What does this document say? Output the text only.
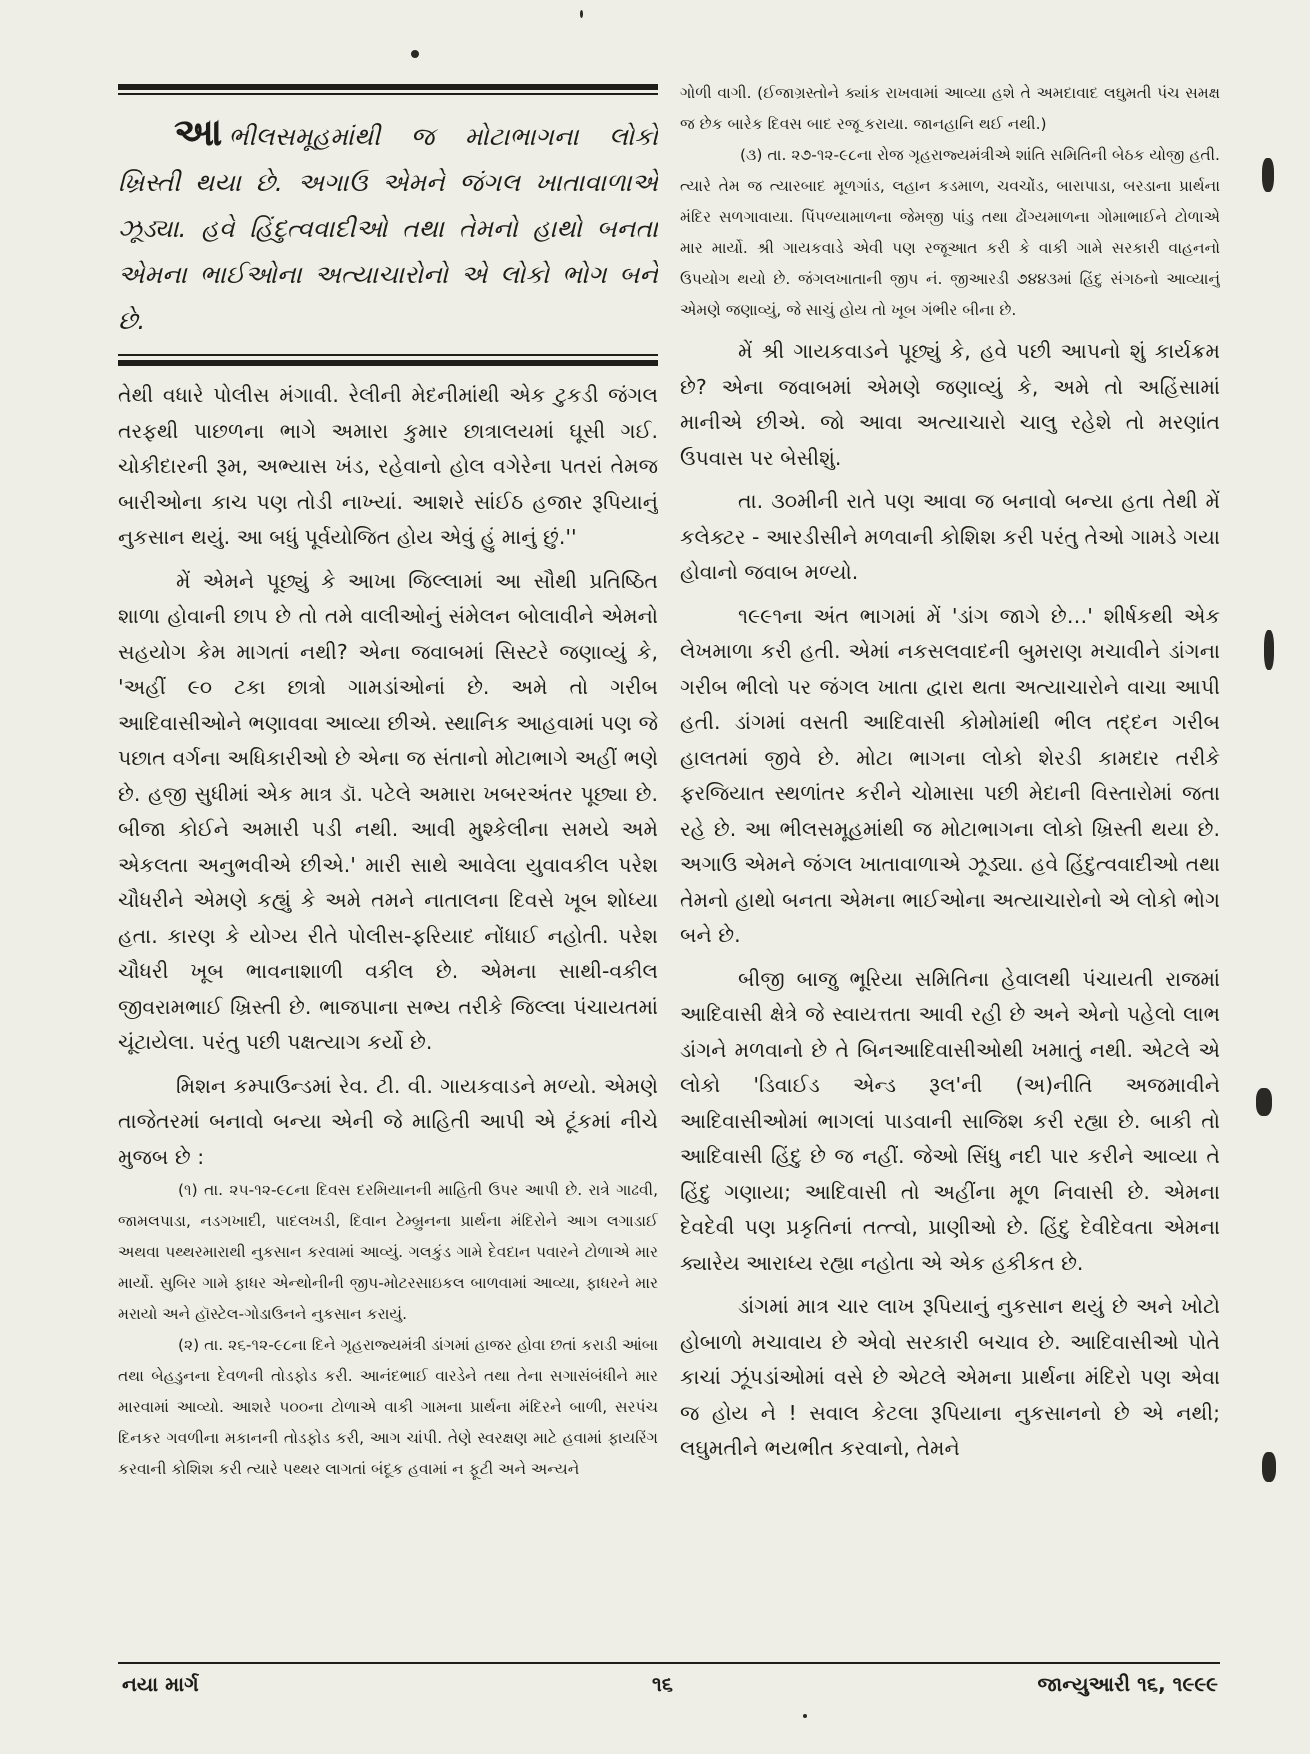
આભીલસમૂહમાંથી જ મોટાભાગના લોકો ખ્રિસ્તી થયા છે. અગાઉ એમને જંગલ ખાતાવાળાએ ઝૂડ્યા. હવે હિંદુત્વવાદીઓ તથા તેમનો હાથો બનતા એમના ભાઈઓના અત્યાચારોનો એ લોકો ભોગ બને છે.

તેથી વધારે પોલીસ મંગાવી. રેલીની મેદનીમાંથી એક ટુકડી જંગલ તરફથી પાછળના ભાગે અમારા કુમાર છાત્રાલયમાં ઘૂસી ગઈ. ચોકીદારની રૂમ, અભ્યાસ ખંડ, રહેવાનો હોલ વગેરેના પતરાં તેમજ બારીઓના કાચ પણ તોડી નાખ્યાં. આશરે સાંઈઠ હજાર રૂપિયાનું નુકસાન થયું. આ બધું પૂર્વયોજિત હોય એવું હું માનું છું.''

મેં એમને પૂછ્યું કે આખા જિલ્લામાં આ સૌથી પ્રતિષ્ઠિત શાળા હોવાની છાપ છે તો તમે વાલીઓનું સંમેલન બોલાવીને એમનો સહયોગ કેમ માગતાં નથી? એના જવાબમાં સિસ્ટરે જણાવ્યું કે, 'અહીં ૯૦ ટકા છાત્રો ગામડાંઓનાં છે. અમે તો ગરીબ આદિવાસીઓને ભણાવવા આવ્યા છીએ. સ્થાનિક આહવામાં પણ જે પછાત વર્ગના અધિકારીઓ છે એના જ સંતાનો મોટાભાગે અહીં ભણે છે. હજી સુધીમાં એક માત્ર ડૉ. પટેલે અમારા ખબરઅંતર પૂછ્યા છે. બીજા કોઈને અમારી પડી નથી. આવી મુશ્કેલીના સમયે અમે એકલતા અનુભવીએ છીએ.' મારી સાથે આવેલા યુવાવકીલ પરેશ ચૌધરીને એમણે કહ્યું કે અમે તમને નાતાલના દિવસે ખૂબ શોધ્યા હતા. કારણ કે યોગ્ય રીતે પોલીસ-ફરિયાદ નોંધાઈ નહોતી. પરેશ ચૌધરી ખૂબ ભાવનાશાળી વકીલ છે. એમના સાથી-વકીલ જીવરામભાઈ ખ્રિસ્તી છે. ભાજપાના સભ્ય તરીકે જિલ્લા પંચાયતમાં ચૂંટાયેલા. પરંતુ પછી પક્ષત્યાગ કર્યો છે.

મિશન કમ્પાઉન્ડમાં રેવ. ટી. વી. ગાયકવાડને મળ્યો. એમણે તાજેતરમાં બનાવો બન્યા એની જે માહિતી આપી એ ટૂંકમાં નીચે મુજબ છે :

(૧) તા. ૨૫-૧૨-૯૮ના દિવસ દરમિયાનની માહિતી ઉપર આપી છે. રાત્રે ગાઢવી, જામલપાડા, નડગખાદી, પાદલખડી, દિવાન ટેમ્બ્રુનના પ્રાર્થના મંદિરોને આગ લગાડાઈ અથવા પથ્થરમારાથી નુકસાન કરવામાં આવ્યું. ગલકુંડ ગામે દેવદાન પવારને ટોળાએ માર માર્યો. સુબિર ગામે ફાધર એન્થોનીની જીપ-મોટરસાઇકલ બાળવામાં આવ્યા, ફાધરને માર મરાયો અને હૉસ્ટેલ-ગોડાઉનને નુકસાન કરાયું.

(૨) તા. ૨૬-૧૨-૯૮ના દિને ગૃહરાજ્યમંત્રી ડાંગમાં હાજર હોવા છતાં કરાડી આંબા તથા બેહડુનના દેવળની તોડફોડ કરી. આનંદભાઈ વારડેને તથા તેના સગાસંબંધીને માર મારવામાં આવ્યો. આશરે ૫૦૦ના ટોળાએ વાકી ગામના પ્રાર્થના મંદિરને બાળી, સરપંચ દિનકર ગવળીના મકાનની તોડફોડ કરી, આગ ચાંપી. તેણે સ્વરક્ષણ માટે હવામાં ફાયરિંગ કરવાની કોશિશ કરી ત્યારે પથ્થર લાગતાં બંદૂક હવામાં ન ફૂટી અને અન્યને

ગોળી વાગી. (ઈજાગ્રસ્તોને ક્યાંક રાખવામાં આવ્યા હશે તે અમદાવાદ લઘુમતી પંચ સમક્ષ જ છેક બારેક દિવસ બાદ રજૂ કરાયા. જાનહાનિ થઈ નથી.)

(૩) તા. ૨૭-૧૨-૯૮ના રોજ ગૃહરાજ્યમંત્રીએ શાંતિ સમિતિની બેઠક યોજી હતી. ત્યારે તેમ જ ત્યારબાદ મૂળગાંડ, લહાન કડમાળ, ચવચોંડ, બારાપાડા, બરડાના પ્રાર્થના મંદિર સળગાવાયા. પિંપળ્યામાળના જેમજી પાંડુ તથા ઢોંગ્યમાળના ગોમાભાઈને ટોળાએ માર માર્યો. શ્રી ગાયકવાડે એવી પણ રજૂઆત કરી કે વાકી ગામે સરકારી વાહનનો ઉપયોગ થયો છે. જંગલખાતાની જીપ નં. જીઆરડી ૭૪૪૩માં હિંદુ સંગઠનો આવ્યાનું એમણે જણાવ્યું, જે સાચું હોય તો ખૂબ ગંભીર બીના છે.

મેં શ્રી ગાયકવાડને પૂછ્યું કે, હવે પછી આપનો શું કાર્યક્રમ છે? એના જવાબમાં એમણે જણાવ્યું કે, અમે તો અહિંસામાં માનીએ છીએ. જો આવા અત્યાચારો ચાલુ રહેશે તો મરણાંત ઉપવાસ પર બેસીશું.

તા. ૩૦મીની રાતે પણ આવા જ બનાવો બન્યા હતા તેથી મેં કલેક્ટર - આરડીસીને મળવાની કોશિશ કરી પરંતુ તેઓ ગામડે ગયા હોવાનો જવાબ મળ્યો.

૧૯૯૧ના અંત ભાગમાં મેં 'ડાંગ જાગે છે…' શીર્ષકથી એક લેખમાળા કરી હતી. એમાં નકસલવાદની બુમરાણ મચાવીને ડાંગના ગરીબ ભીલો પર જંગલ ખાતા દ્વારા થતા અત્યાચારોને વાચા આપી હતી. ડાંગમાં વસતી આદિવાસી કોમોમાંથી ભીલ તદ્દન ગરીબ હાલતમાં જીવે છે. મોટા ભાગના લોકો શેરડી કામદાર તરીકે ફરજિયાત સ્થળાંતર કરીને ચોમાસા પછી મેદાની વિસ્તારોમાં જતા રહે છે. આ ભીલસમૂહમાંથી જ મોટાભાગના લોકો ખ્રિસ્તી થયા છે. અગાઉ એમને જંગલ ખાતાવાળાએ ઝૂડ્યા. હવે હિંદુત્વવાદીઓ તથા તેમનો હાથો બનતા એમના ભાઈઓના અત્યાચારોનો એ લોકો ભોગ બને છે.

બીજી બાજુ ભૂરિયા સમિતિના હેવાલથી પંચાયતી રાજમાં આદિવાસી ક્ષેત્રે જે સ્વાયત્તતા આવી રહી છે અને એનો પહેલો લાભ ડાંગને મળવાનો છે તે બિનઆદિવાસીઓથી ખમાતું નથી. એટલે એ લોકો 'ડિવાઈડ એન્ડ રૂલ'ની (અ)નીતિ અજમાવીને આદિવાસીઓમાં ભાગલાં પાડવાની સાજિશ કરી રહ્યા છે. બાકી તો આદિવાસી હિંદુ છે જ નહીં. જેઓ સિંધુ નદી પાર કરીને આવ્યા તે હિંદુ ગણાયા; આદિવાસી તો અહીંના મૂળ નિવાસી છે. એમના દેવદેવી પણ પ્રકૃતિનાં તત્ત્વો, પ્રાણીઓ છે. હિંદુ દેવીદેવતા એમના ક્યારેય આરાધ્ય રહ્યા નહોતા એ એક હકીકત છે.

ડાંગમાં માત્ર ચાર લાખ રૂપિયાનું નુકસાન થયું છે અને ખોટો હોબાળો મચાવાય છે એવો સરકારી બચાવ છે. આદિવાસીઓ પોતે કાચાં ઝૂંપડાંઓમાં વસે છે એટલે એમના પ્રાર્થના મંદિરો પણ એવા જ હોય ને ! સવાલ કેટલા રૂપિયાના નુકસાનનો છે એ નથી; લઘુમતીને ભયભીત કરવાનો, તેમને

નયા માર્ગ	૧૬	જાન્યુઆરી ૧૬, ૧૯૯૯
